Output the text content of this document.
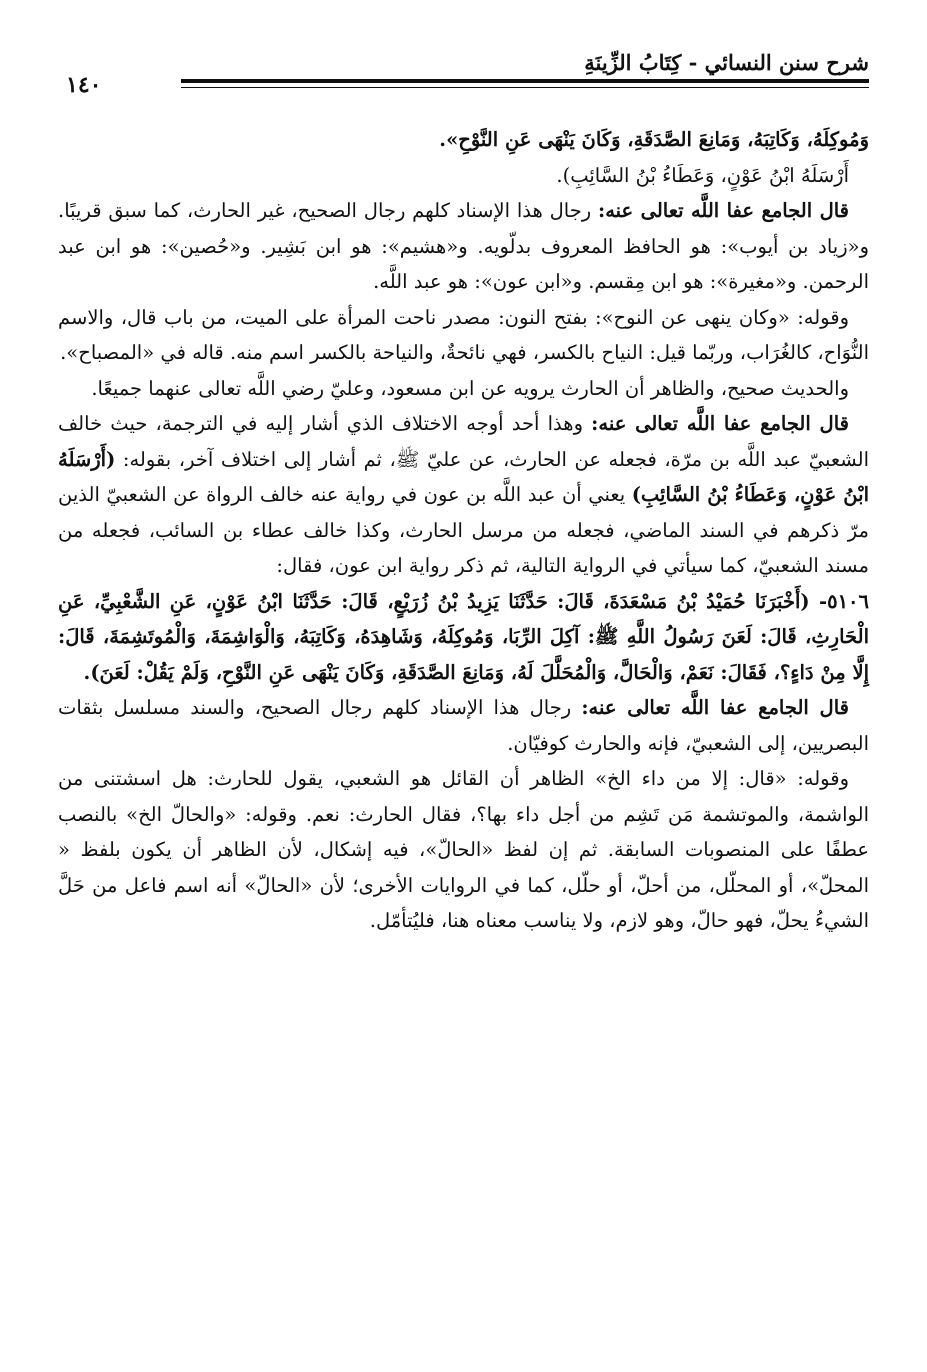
شرح سنن النسائي - كِتَابُ الزِّينَةِ
١٤٠

وَمُوكِلَهُ، وَكَاتِبَهُ، وَمَانِعَ الصَّدَقَةِ، وَكَانَ يَنْهَى عَنِ النَّوْحِ».

أَرْسَلَهُ ابْنُ عَوْنٍ، وَعَطَاءُ بْنُ السَّائِبِ).

قال الجامع عفا اللَّه تعالى عنه: رجال هذا الإسناد كلهم رجال الصحيح، غير الحارث، كما سبق قريبًا. و«زياد بن أيوب»: هو الحافظ المعروف بدلّويه. و«هشيم»: هو ابن بَشِير. و«حُصين»: هو ابن عبد الرحمن. و«مغيرة»: هو ابن مِقسم. و«ابن عون»: هو عبد اللَّه.

وقوله: «وكان ينهى عن النوح»: بفتح النون: مصدر ناحت المرأة على الميت، من باب قال، والاسم النُّوَاح، كالغُرَاب، وربّما قيل: النياح بالكسر، فهي نائحةٌ، والنياحة بالكسر اسم منه. قاله في «المصباح».

والحديث صحيح، والظاهر أن الحارث يرويه عن ابن مسعود، وعليّ رضي اللَّه تعالى عنهما جميعًا.

قال الجامع عفا اللَّه تعالى عنه: وهذا أحد أوجه الاختلاف الذي أشار إليه في الترجمة، حيث خالف الشعبيّ عبد اللَّه بن مرّة، فجعله عن الحارث، عن عليّ ﷺ، ثم أشار إلى اختلاف آخر، بقوله: (أَرْسَلَهُ ابْنُ عَوْنٍ، وَعَطَاءُ بْنُ السَّائِبِ) يعني أن عبد اللَّه بن عون في رواية عنه خالف الرواة عن الشعبيّ الذين مرّ ذكرهم في السند الماضي، فجعله من مرسل الحارث، وكذا خالف عطاء بن السائب، فجعله من مسند الشعبيّ، كما سيأتي في الرواية التالية، ثم ذكر رواية ابن عون، فقال:

٥١٠٦- (أَخْبَرَنَا حُمَيْدُ بْنُ مَسْعَدَةَ، قَالَ: حَدَّثَنَا يَزِيدُ بْنُ زُرَيْعٍ، قَالَ: حَدَّثَنَا ابْنُ عَوْنٍ، عَنِ الشَّعْبِيِّ، عَنِ الْحَارِثِ، قَالَ: لَعَنَ رَسُولُ اللَّهِ ﷺ: آكِلَ الرِّبَا، وَمُوكِلَهُ، وَشَاهِدَهُ، وَكَاتِبَهُ، وَالْوَاشِمَةَ، وَالْمُوتَشِمَةَ، قَالَ: إِلَّا مِنْ دَاءٍ؟، فَقَالَ: نَعَمْ، وَالْحَالَّ، وَالْمُحَلَّلَ لَهُ، وَمَانِعَ الصَّدَقَةِ، وَكَانَ يَنْهَى عَنِ النَّوْحِ، وَلَمْ يَقُلْ: لَعَنَ).

قال الجامع عفا اللَّه تعالى عنه: رجال هذا الإسناد كلهم رجال الصحيح، والسند مسلسل بثقات البصريين، إلى الشعبيّ، فإنه والحارث كوفيّان.

وقوله: «قال: إلا من داء الخ» الظاهر أن القائل هو الشعبي، يقول للحارث: هل اسشتنى من الواشمة، والموتشمة مَن تَشِم من أجل داء بها؟، فقال الحارث: نعم. وقوله: «والحالّ الخ» بالنصب عطفًا على المنصوبات السابقة. ثم إن لفظ «الحالّ»، فيه إشكال، لأن الظاهر أن يكون بلفظ « المحلّ»، أو المحلّل، من أحلّ، أو حلّل، كما في الروايات الأخرى؛ لأن «الحالّ» أنه اسم فاعل من حَلَّ الشيءُ يحلّ، فهو حالّ، وهو لازم، ولا يناسب معناه هنا، فليُتأمّل.
